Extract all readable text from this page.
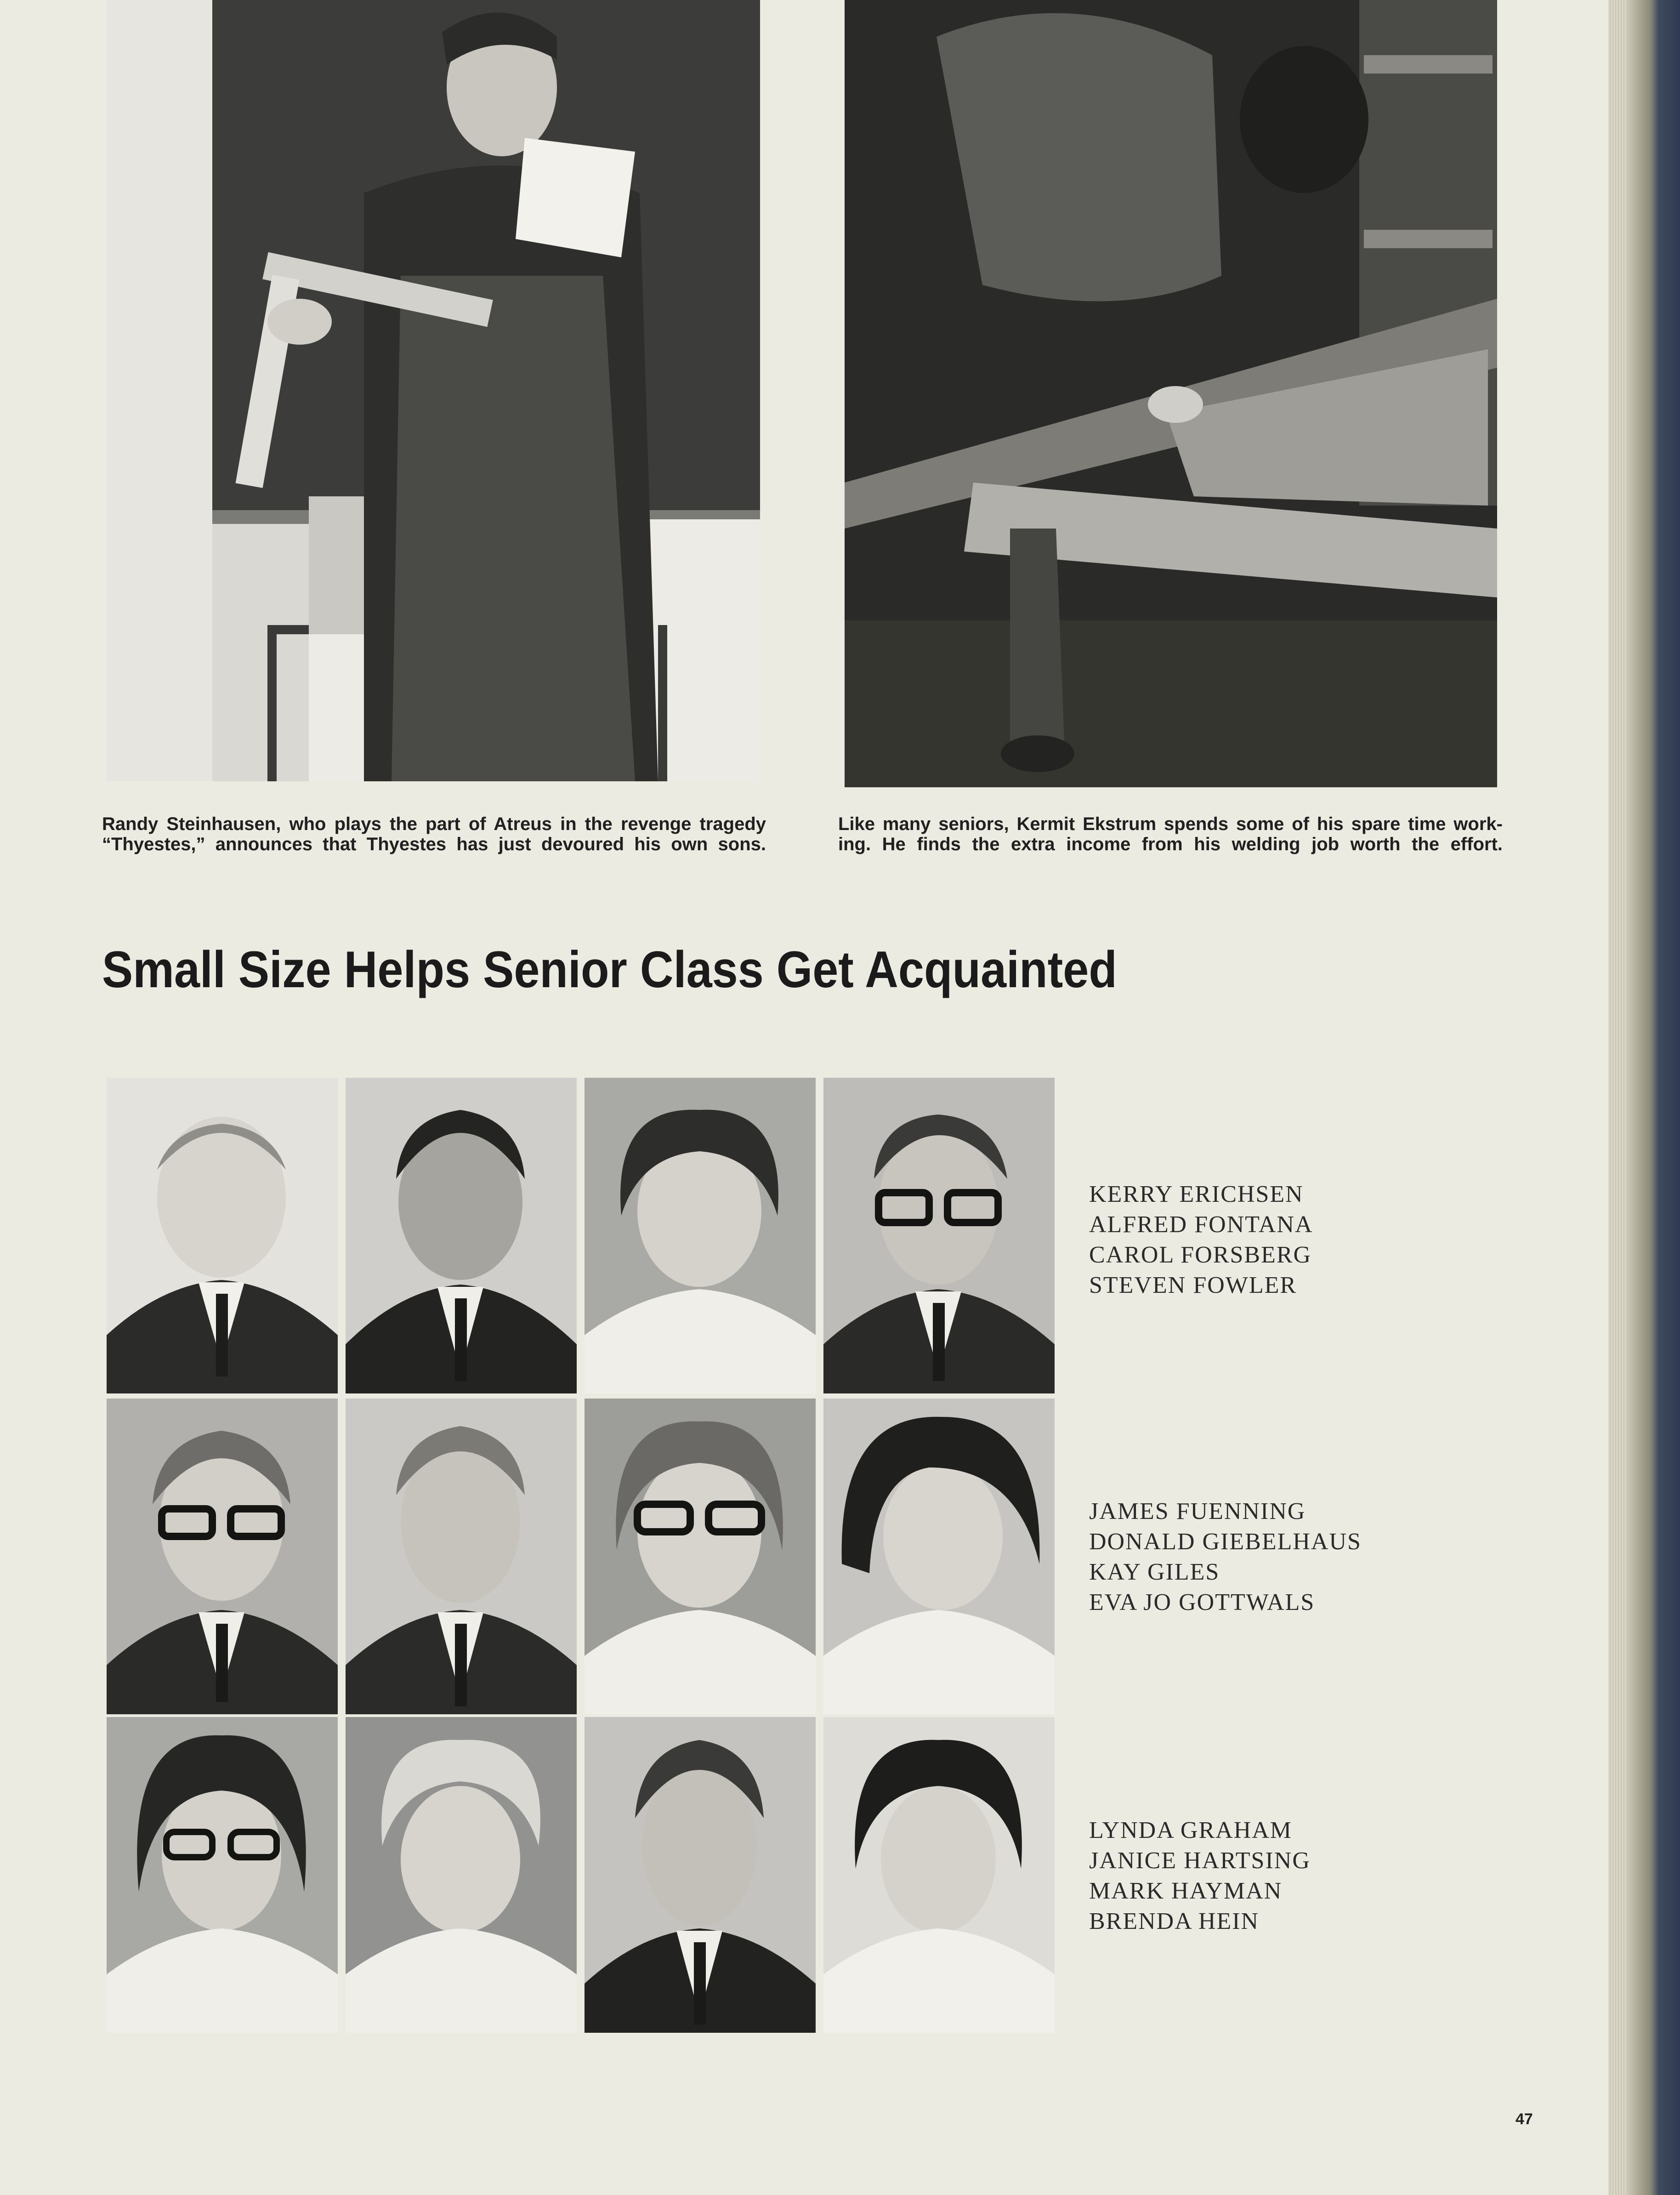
Randy Steinhausen, who plays the part of Atreus in the revenge tragedy
“Thyestes,” announces that Thyestes has just devoured his own sons.
Like many seniors, Kermit Ekstrum spends some of his spare time work-
ing. He finds the extra income from his welding job worth the effort.
Small Size Helps Senior Class Get Acquainted
KERRY ERICHSEN
ALFRED FONTANA
CAROL FORSBERG
STEVEN FOWLER
JAMES FUENNING
DONALD GIEBELHAUS
KAY GILES
EVA JO GOTTWALS
LYNDA GRAHAM
JANICE HARTSING
MARK HAYMAN
BRENDA HEIN
47
